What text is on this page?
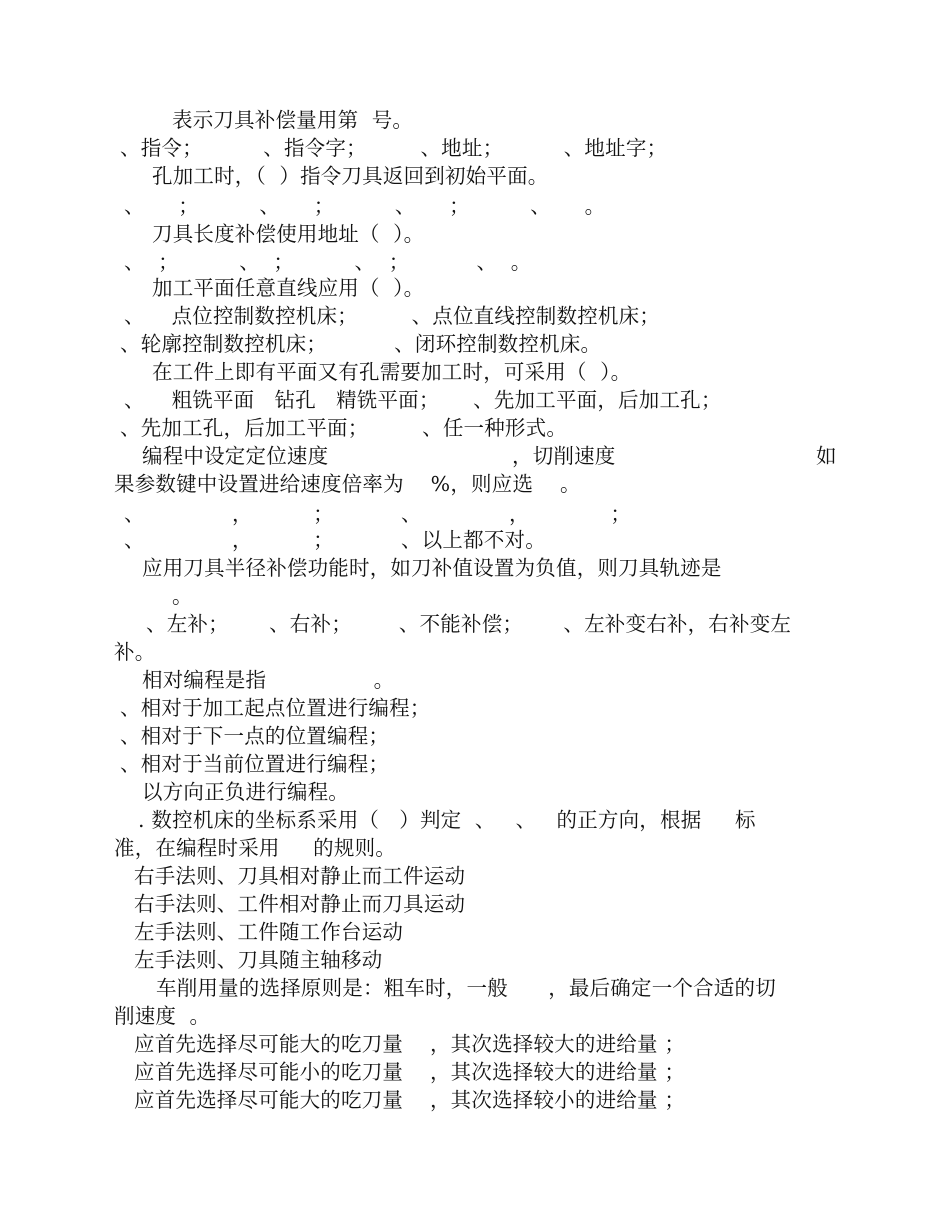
表示刀具补偿量用第  号。
、指令；         、指令字；        、地址；         、地址字；
孔加工时，（  ）指令刀具返回到初始平面。
、     ；         、     ；         、     ；         、     。
刀具长度补偿使用地址（  ）。
、  ；         、  ；         、  ；          、  。
加工平面任意直线应用（  ）。
、    点位控制数控机床；        、点位直线控制数控机床；
、轮廓控制数控机床；          、闭环控制数控机床。
在工件上即有平面又有孔需要加工时，可采用（  ）。
、    粗铣平面   钻孔   精铣平面；     、先加工平面，后加工孔；
、先加工孔，后加工平面；        、任一种形式。
编程中设定定位速度	，切削速度	如
果参数键中设置进给速度倍率为    %，则应选    。
、             ，         ；          、             ，            ；
、             ，         ；          、以上都不对。
应用刀具半径补偿功能时，如刀补值设置为负值，则刀具轨迹是
。
、左补；      、右补；       、不能补偿；      、左补变右补，右补变左
补。
相对编程是指                。
、相对于加工起点位置进行编程；
、相对于下一点的位置编程；
、相对于当前位置进行编程；
以方向正负进行编程。
. 数控机床的坐标系采用（   ）判定  、   、   的正方向，根据     标
准，在编程时采用     的规则。
右手法则、刀具相对静止而工件运动
右手法则、工件相对静止而刀具运动
左手法则、工件随工作台运动
左手法则、刀具随主轴移动
车削用量的选择原则是：粗车时，一般      ，最后确定一个合适的切
削速度  。
应首先选择尽可能大的吃刀量    ，其次选择较大的进给量 ；
应首先选择尽可能小的吃刀量    ，其次选择较大的进给量 ；
应首先选择尽可能大的吃刀量    ，其次选择较小的进给量 ；
